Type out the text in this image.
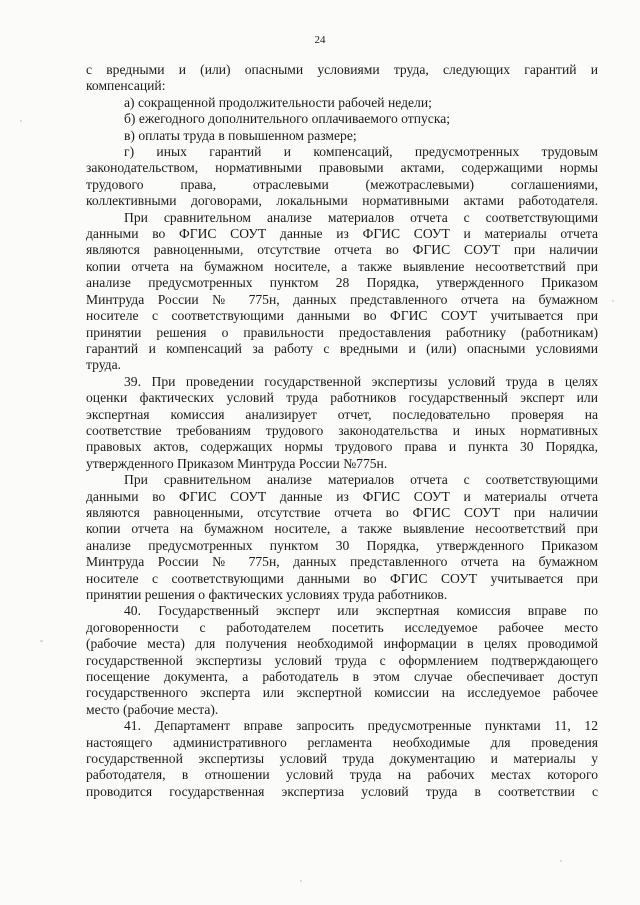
24

с вредными и (или) опасными условиями труда, следующих гарантий и

компенсаций:

а) сокращенной продолжительности рабочей недели;

б) ежегодного дополнительного оплачиваемого отпуска;

в) оплаты труда в повышенном размере;

г) иных гарантий и компенсаций, предусмотренных трудовым

законодательством, нормативными правовыми актами, содержащими нормы

трудового права, отраслевыми (межотраслевыми) соглашениями,

коллективными договорами, локальными нормативными актами работодателя.

При сравнительном анализе материалов отчета с соответствующими

данными во ФГИС СОУТ данные из ФГИС СОУТ и материалы отчета

являются равноценными, отсутствие отчета во ФГИС СОУТ при наличии

копии отчета на бумажном носителе, а также выявление несоответствий при

анализе предусмотренных пунктом 28 Порядка, утвержденного Приказом

Минтруда России № 775н, данных представленного отчета на бумажном

носителе с соответствующими данными во ФГИС СОУТ учитывается при

принятии решения о правильности предоставления работнику (работникам)

гарантий и компенсаций за работу с вредными и (или) опасными условиями

труда.

39. При проведении государственной экспертизы условий труда в целях

оценки фактических условий труда работников государственный эксперт или

экспертная комиссия анализирует отчет, последовательно проверяя на

соответствие требованиям трудового законодательства и иных нормативных

правовых актов, содержащих нормы трудового права и пункта 30 Порядка,

утвержденного Приказом Минтруда России №775н.

При сравнительном анализе материалов отчета с соответствующими

данными во ФГИС СОУТ данные из ФГИС СОУТ и материалы отчета

являются равноценными, отсутствие отчета во ФГИС СОУТ при наличии

копии отчета на бумажном носителе, а также выявление несоответствий при

анализе предусмотренных пунктом 30 Порядка, утвержденного Приказом

Минтруда России № 775н, данных представленного отчета на бумажном

носителе с соответствующими данными во ФГИС СОУТ учитывается при

принятии решения о фактических условиях труда работников.

40. Государственный эксперт или экспертная комиссия вправе по

договоренности с работодателем посетить исследуемое рабочее место

(рабочие места) для получения необходимой информации в целях проводимой

государственной экспертизы условий труда с оформлением подтверждающего

посещение документа, а работодатель в этом случае обеспечивает доступ

государственного эксперта или экспертной комиссии на исследуемое рабочее

место (рабочие места).

41. Департамент вправе запросить предусмотренные пунктами 11, 12

настоящего административного регламента необходимые для проведения

государственной экспертизы условий труда документацию и материалы у

работодателя, в отношении условий труда на рабочих местах которого

проводится государственная экспертиза условий труда в соответствии с
